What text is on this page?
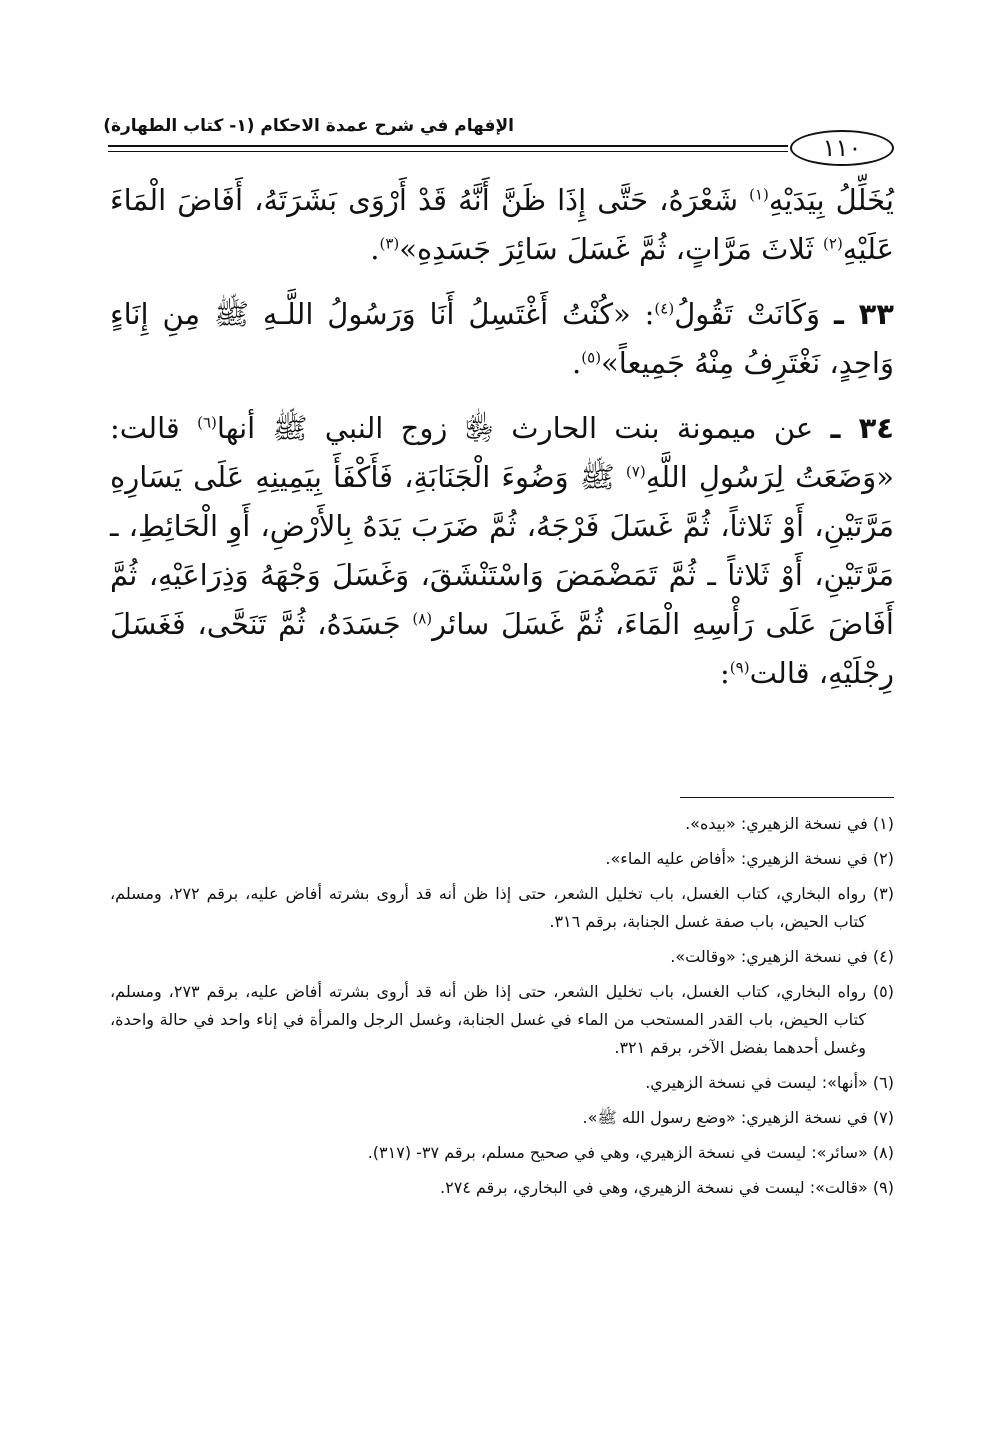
الإفهام في شرح عمدة الاحكام (١- كتاب الطهارة)
١١٠

يُخَلِّلُ بِيَدَيْهِ$^{(١)}$ شَعْرَهُ، حَتَّى إِذَا ظَنَّ أَنَّهُ قَدْ أَرْوَى بَشَرَتَهُ، أَفَاضَ الْمَاءَ عَلَيْهِ$^{(٢)}$ ثَلاثَ مَرَّاتٍ، ثُمَّ غَسَلَ سَائِرَ جَسَدِهِ»$^{(٣)}$.

٣٣ ـ وَكَانَتْ تَقُولُ$^{(٤)}$: «كُنْتُ أَغْتَسِلُ أَنَا وَرَسُولُ اللَّـهِ ﷺ مِنِ إِنَاءٍ وَاحِدٍ، نَغْتَرِفُ مِنْهُ جَمِيعاً»$^{(٥)}$.

٣٤ ـ عن ميمونة بنت الحارث ﵂ زوج النبي ﷺ أنها$^{(٦)}$ قالت: «وَضَعَتُ لِرَسُولِ اللَّهِ$^{(٧)}$ ﷺ وَضُوءَ الْجَنَابَةِ، فَأَكْفَأَ بِيَمِينِهِ عَلَى يَسَارِهِ مَرَّتَيْنِ، أَوْ ثَلاثاً، ثُمَّ غَسَلَ فَرْجَهُ، ثُمَّ ضَرَبَ يَدَهُ بِالأَرْضِ، أَوِ الْحَائِطِ، ـ مَرَّتَيْنِ، أَوْ ثَلاثاً ـ ثُمَّ تَمَضْمَضَ وَاسْتَنْشَقَ، وَغَسَلَ وَجْهَهُ وَذِرَاعَيْهِ، ثُمَّ أَفَاضَ عَلَى رَأْسِهِ الْمَاءَ، ثُمَّ غَسَلَ سائر$^{(٨)}$ جَسَدَهُ، ثُمَّ تَنَحَّى، فَغَسَلَ رِجْلَيْهِ، قالت$^{(٩)}$:

(١) في نسخة الزهيري: «بيده».

(٢) في نسخة الزهيري: «أفاض عليه الماء».

(٣) رواه البخاري، كتاب الغسل، باب تخليل الشعر، حتى إذا ظن أنه قد أروى بشرته أفاض عليه، برقم ٢٧٢، ومسلم، كتاب الحيض، باب صفة غسل الجنابة، برقم ٣١٦.

(٤) في نسخة الزهيري: «وقالت».

(٥) رواه البخاري، كتاب الغسل، باب تخليل الشعر، حتى إذا ظن أنه قد أروى بشرته أفاض عليه، برقم ٢٧٣، ومسلم، كتاب الحيض، باب القدر المستحب من الماء في غسل الجنابة، وغسل الرجل والمرأة في إناء واحد في حالة واحدة، وغسل أحدهما بفضل الآخر، برقم ٣٢١.

(٦) «أنها»: ليست في نسخة الزهيري.

(٧) في نسخة الزهيري: «وضع رسول الله ﷺ».

(٨) «سائر»: ليست في نسخة الزهيري، وهي في صحيح مسلم، برقم ٣٧- (٣١٧).

(٩) «قالت»: ليست في نسخة الزهيري، وهي في البخاري، برقم ٢٧٤.
